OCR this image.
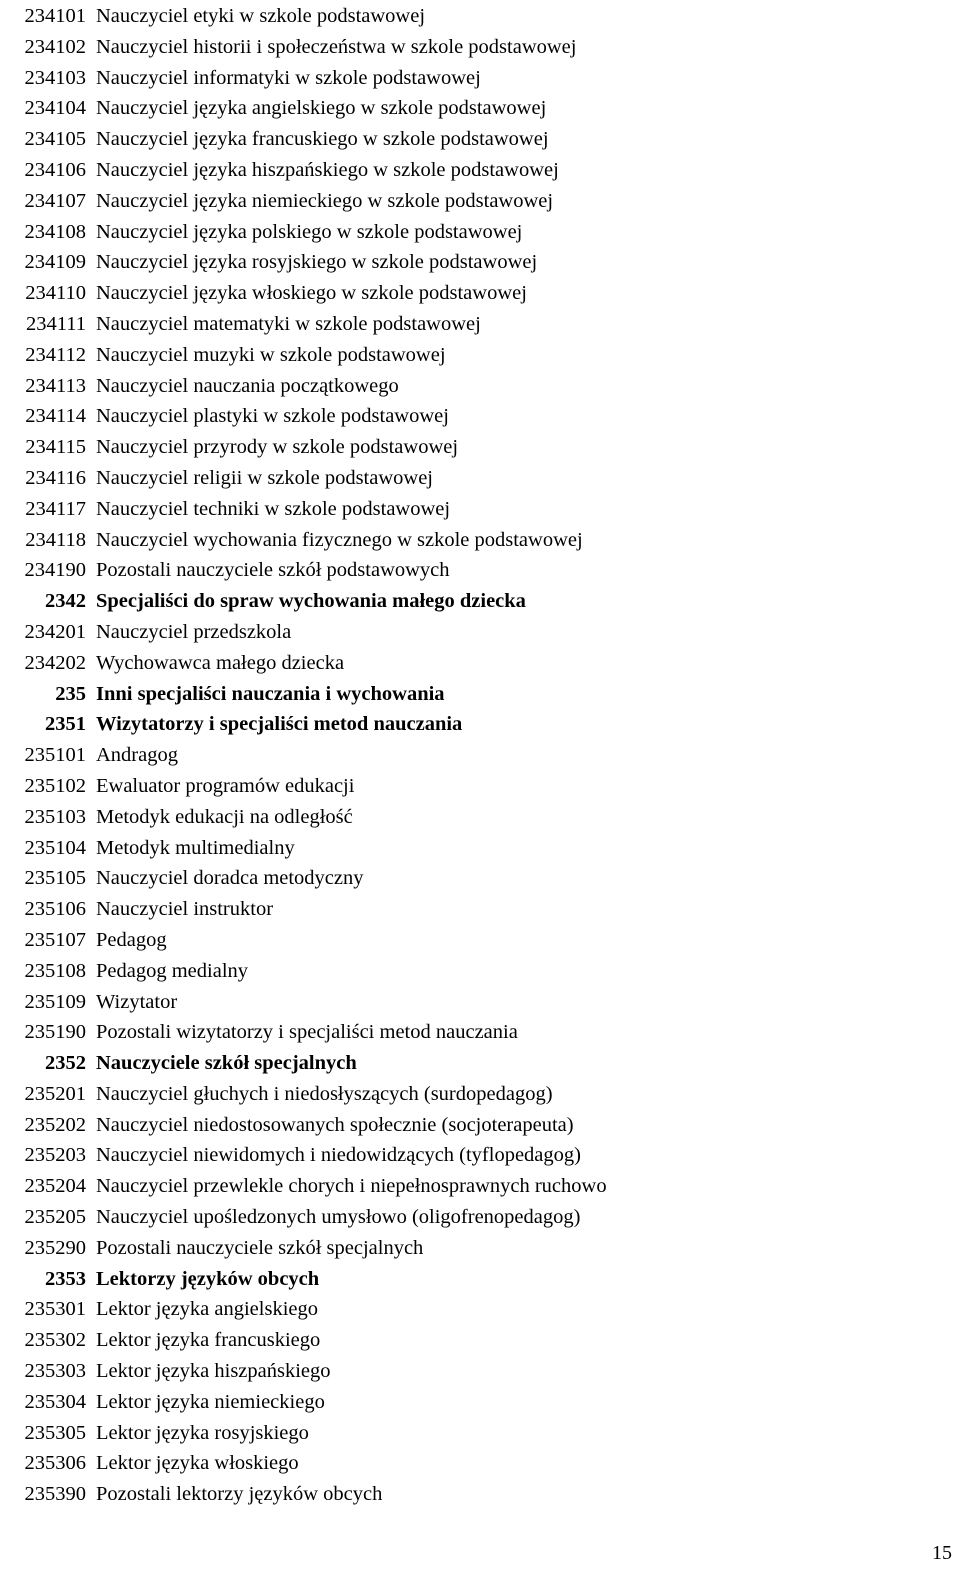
234101 Nauczyciel etyki w szkole podstawowej
234102 Nauczyciel historii i społeczeństwa w szkole podstawowej
234103 Nauczyciel informatyki w szkole podstawowej
234104 Nauczyciel języka angielskiego w szkole podstawowej
234105 Nauczyciel języka francuskiego w szkole podstawowej
234106 Nauczyciel języka hiszpańskiego w szkole podstawowej
234107 Nauczyciel języka niemieckiego w szkole podstawowej
234108 Nauczyciel języka polskiego w szkole podstawowej
234109 Nauczyciel języka rosyjskiego w szkole podstawowej
234110 Nauczyciel języka włoskiego w szkole podstawowej
234111 Nauczyciel matematyki w szkole podstawowej
234112 Nauczyciel muzyki w szkole podstawowej
234113 Nauczyciel nauczania początkowego
234114 Nauczyciel plastyki w szkole podstawowej
234115 Nauczyciel przyrody w szkole podstawowej
234116 Nauczyciel religii w szkole podstawowej
234117 Nauczyciel techniki w szkole podstawowej
234118 Nauczyciel wychowania fizycznego w szkole podstawowej
234190 Pozostali nauczyciele szkół podstawowych
2342 Specjaliści do spraw wychowania małego dziecka
234201 Nauczyciel przedszkola
234202 Wychowawca małego dziecka
235 Inni specjaliści nauczania i wychowania
2351 Wizytatorzy i specjaliści metod nauczania
235101 Andragog
235102 Ewaluator programów edukacji
235103 Metodyk edukacji na odległość
235104 Metodyk multimedialny
235105 Nauczyciel doradca metodyczny
235106 Nauczyciel instruktor
235107 Pedagog
235108 Pedagog medialny
235109 Wizytator
235190 Pozostali wizytatorzy i specjaliści metod nauczania
2352 Nauczyciele szkół specjalnych
235201 Nauczyciel głuchych i niedosłyszących (surdopedagog)
235202 Nauczyciel niedostosowanych społecznie (socjoterapeuta)
235203 Nauczyciel niewidomych i niedowidzących (tyflopedagog)
235204 Nauczyciel przewlekle chorych i niepełnosprawnych ruchowo
235205 Nauczyciel upośledzonych umysłowo (oligofrenopedagog)
235290 Pozostali nauczyciele szkół specjalnych
2353 Lektorzy języków obcych
235301 Lektor języka angielskiego
235302 Lektor języka francuskiego
235303 Lektor języka hiszpańskiego
235304 Lektor języka niemieckiego
235305 Lektor języka rosyjskiego
235306 Lektor języka włoskiego
235390 Pozostali lektorzy języków obcych
15
